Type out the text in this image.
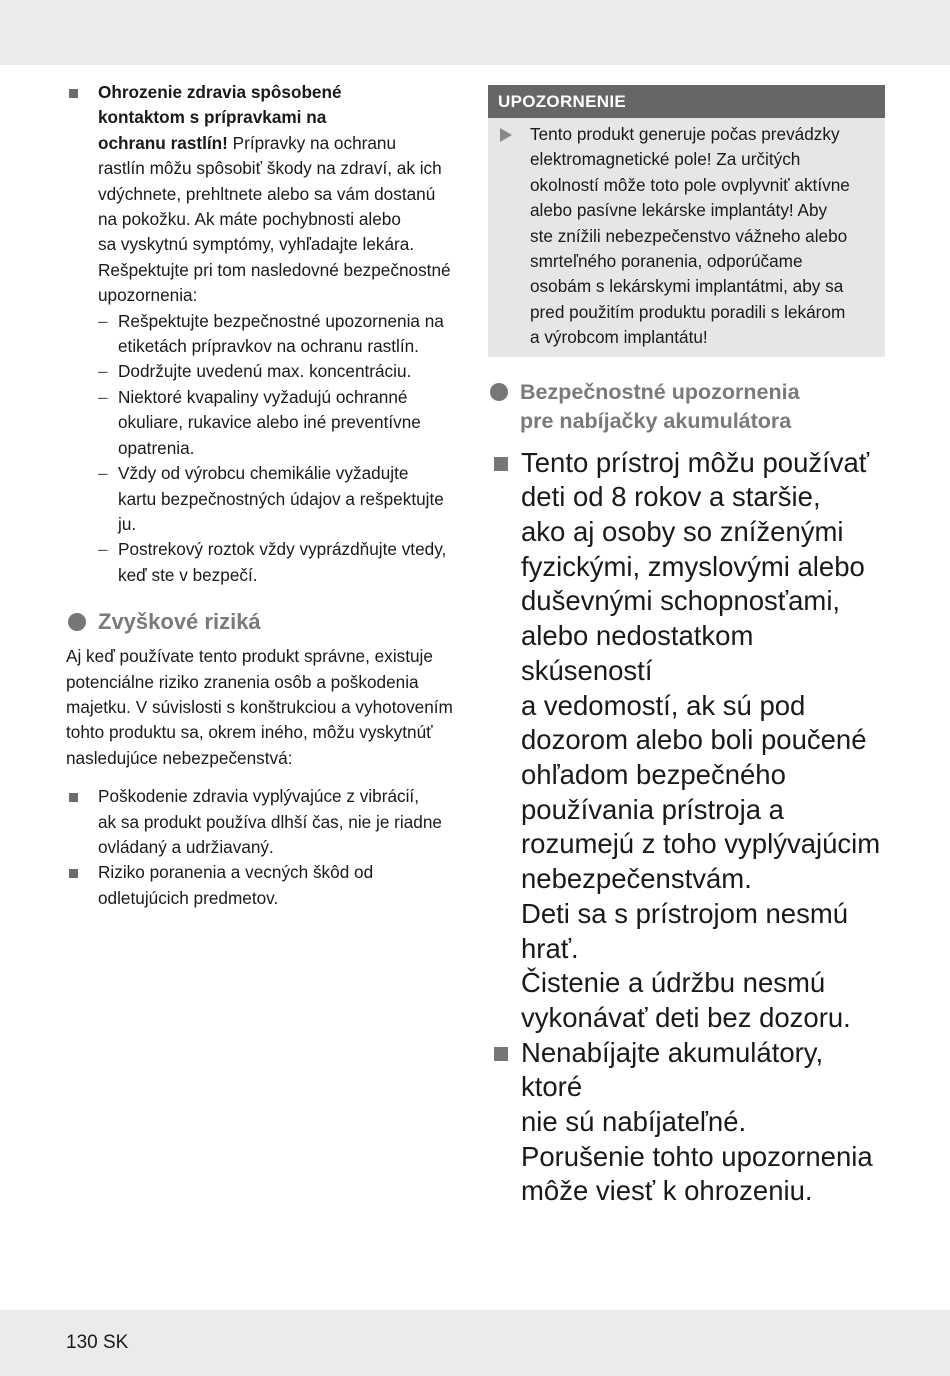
Ohrozenie zdravia spôsobené
kontaktom s prípravkami na
ochranu rastlín! Prípravky na ochranu
rastlín môžu spôsobiť škody na zdraví, ak ich
vdýchnete, prehltnete alebo sa vám dostanú
na pokožku. Ak máte pochybnosti alebo
sa vyskytnú symptómy, vyhľadajte lekára.
Rešpektujte pri tom nasledovné bezpečnostné
upozornenia:
– Rešpektujte bezpečnostné upozornenia na
etiketách prípravkov na ochranu rastlín.
– Dodržujte uvedenú max. koncentráciu.
– Niektoré kvapaliny vyžadujú ochranné
okuliare, rukavice alebo iné preventívne
opatrenia.
– Vždy od výrobcu chemikálie vyžadujte
kartu bezpečnostných údajov a rešpektujte
ju.
– Postrekový roztok vždy vyprázdňujte vtedy,
keď ste v bezpečí.
Zvyškové riziká
Aj keď používate tento produkt správne, existuje
potenciálne riziko zranenia osôb a poškodenia
majetku. V súvislosti s konštrukciou a vyhotovením
tohto produktu sa, okrem iného, môžu vyskytnúť
nasledujúce nebezpečenstvá:
Poškodenie zdravia vyplývajúce z vibrácií,
ak sa produkt používa dlhší čas, nie je riadne
ovládaný a udržiavaný.
Riziko poranenia a vecných škôd od
odletujúcich predmetov.
UPOZORNENIE
Tento produkt generuje počas prevádzky
elektromagnetické pole! Za určitých
okolností môže toto pole ovplyvniť aktívne
alebo pasívne lekárske implantáty! Aby
ste znížili nebezpečenstvo vážneho alebo
smrteľného poranenia, odporúčame
osobám s lekárskymi implantátmi, aby sa
pred použitím produktu poradili s lekárom
a výrobcom implantátu!
Bezpečnostné upozornenia
pre nabíjačky akumulátora
Tento prístroj môžu používať
deti od 8 rokov a staršie,
ako aj osoby so zníženými
fyzickými, zmyslovými alebo
duševnými schopnosťami,
alebo nedostatkom skúseností
a vedomostí, ak sú pod
dozorom alebo boli poučené
ohľadom bezpečného
používania prístroja a
rozumejú z toho vyplývajúcim
nebezpečenstvám.
Deti sa s prístrojom nesmú hrať.
Čistenie a údržbu nesmú
vykonávať deti bez dozoru.
Nenabíjajte akumulátory, ktoré
nie sú nabíjateľné.
Porušenie tohto upozornenia
môže viesť k ohrozeniu.
130 SK
